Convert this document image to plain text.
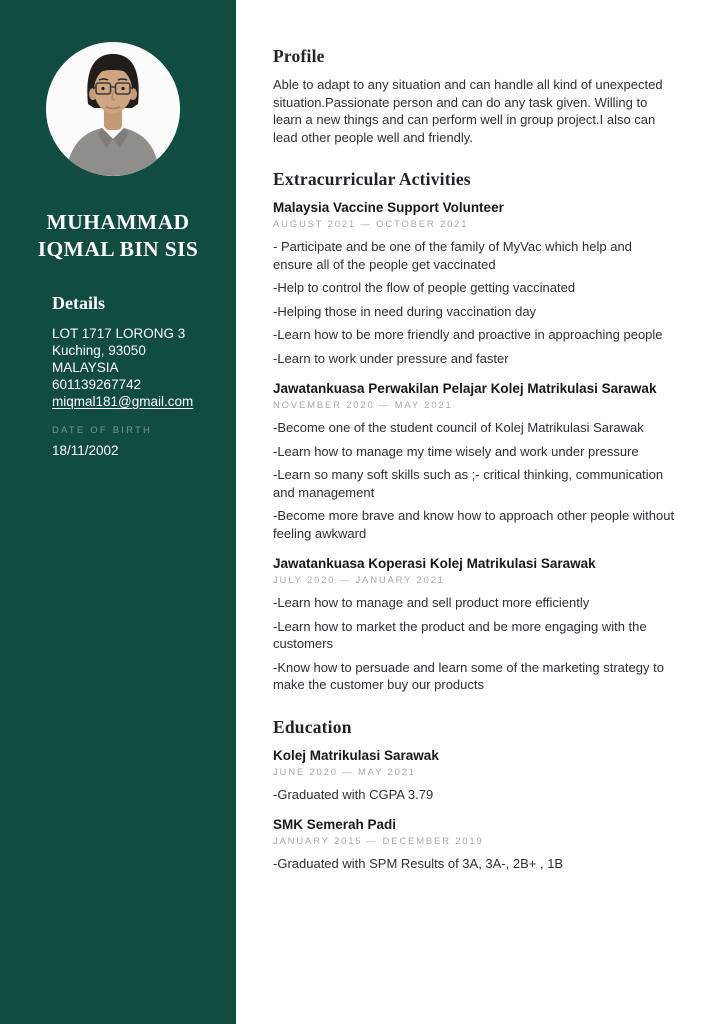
MUHAMMAD
IQMAL BIN SIS
Details

LOT 1717 LORONG 3

Kuching, 93050

MALAYSIA

601139267742

miqmal181@gmail.com

DATE OF BIRTH
18/11/2002
Profile

Able to adapt to any situation and can handle all kind of unexpected situation.Passionate person and can do any task given. Willing to learn a new things and can perform well in group project.I also can lead other people well and friendly.

Extracurricular Activities
Malaysia Vaccine Support Volunteer

AUGUST 2021 — OCTOBER 2021

- Participate and be one of the family of MyVac which help and ensure all of the people get vaccinated

-Help to control the flow of people getting vaccinated

-Helping those in need during vaccination day

-Learn how to be more friendly and proactive in approaching people

-Learn to work under pressure and faster

Jawatankuasa Perwakilan Pelajar Kolej Matrikulasi Sarawak

NOVEMBER 2020 — MAY 2021

-Become one of the student council of Kolej Matrikulasi Sarawak

-Learn how to manage my time wisely and work under pressure

-Learn so many soft skills such as ;- critical thinking, communication and management

-Become more brave and know how to approach other people without feeling awkward

Jawatankuasa Koperasi Kolej Matrikulasi Sarawak

JULY 2020 — JANUARY 2021

-Learn how to manage and sell product more efficiently

-Learn how to market the product and be more engaging with the customers

-Know how to persuade and learn some of the marketing strategy to make the customer buy our products

Education
Kolej Matrikulasi Sarawak

JUNE 2020 — MAY 2021

-Graduated with CGPA 3.79

SMK Semerah Padi

JANUARY 2015 — DECEMBER 2019

-Graduated with SPM Results of 3A, 3A-, 2B+ , 1B
